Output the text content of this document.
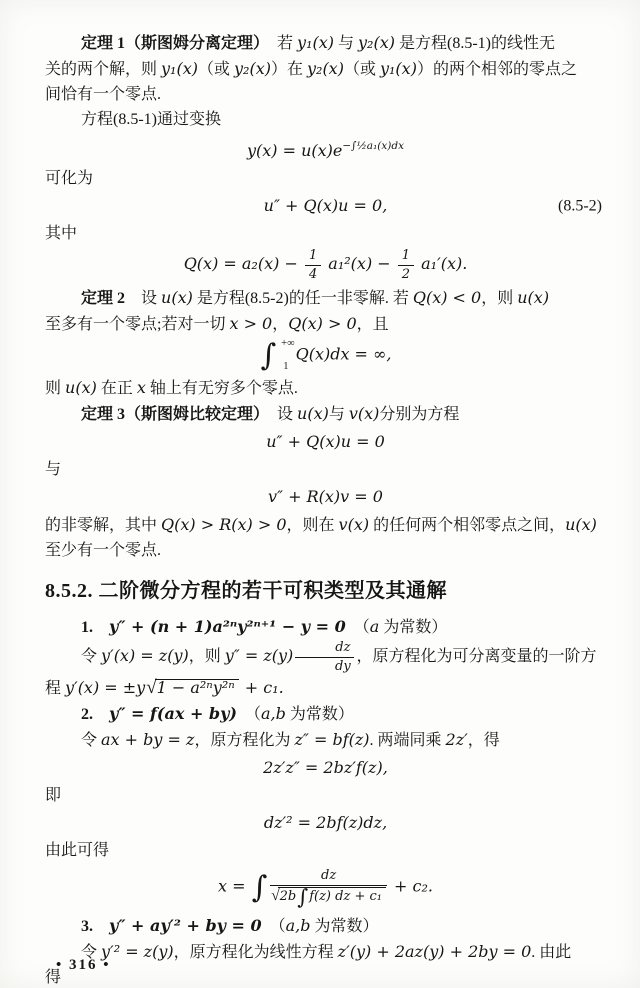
定理 1（斯图姆分离定理）　若 y₁(x) 与 y₂(x) 是方程(8.5-1)的线性无
关的两个解，则 y₁(x)（或 y₂(x)）在 y₂(x)（或 y₁(x)）的两个相邻的零点之
间恰有一个零点.
方程(8.5-1)通过变换
$y(x) = u(x)e^{-\int\frac{1}{2}a_1(x)dx}$
可化为
u″ + Q(x)u = 0,	(8.5-2)
其中
$Q(x) = a_2(x) - \frac{1}{4} a_1^2(x) - \frac{1}{2} a_1'(x)$.
定理 2　设 u(x) 是方程(8.5-2)的任一非零解. 若 Q(x) < 0，则 u(x)
至多有一个零点;若对一切 x > 0，Q(x) > 0，且
∫ +∞
1
Q(x)dx = ∞,
则 u(x) 在正 x 轴上有无穷多个零点.
定理 3（斯图姆比较定理）　设 u(x)与 v(x)分别为方程
u″ + Q(x)u = 0
与
v″ + R(x)v = 0
的非零解，其中 Q(x) > R(x) > 0，则在 v(x) 的任何两个相邻零点之间，u(x)
至少有一个零点.
8.5.2. 二阶微分方程的若干可积类型及其通解
1.　 y″ + (n + 1)a²ⁿy²ⁿ⁺¹ − y = 0　（a 为常数）
令 y′(x) = z(y)，则 $y'' = z(y) \frac{dz}{dy}$ ，原方程化为可分离变量的一阶方
程 y′(x) = ±y √ 1 − a²ⁿy²ⁿ + c₁.
2.　 y″ = f(ax + by)　（a,b 为常数）
令 ax + by = z，原方程化为 z″ = bf(z). 两端同乘 2z′，得
2z′z″ = 2bz′f(z),
即
dz′² = 2bf(z)dz,
由此可得
x = ∫ dz
√ 2b ∫ f(z) dz + c₁ + c₂.
3.　 y″ + ay′² + by = 0　（a,b 为常数）
令 y′² = z(y)，原方程化为线性方程 z′(y) + 2az(y) + 2by = 0. 由此
得
• 316 •
